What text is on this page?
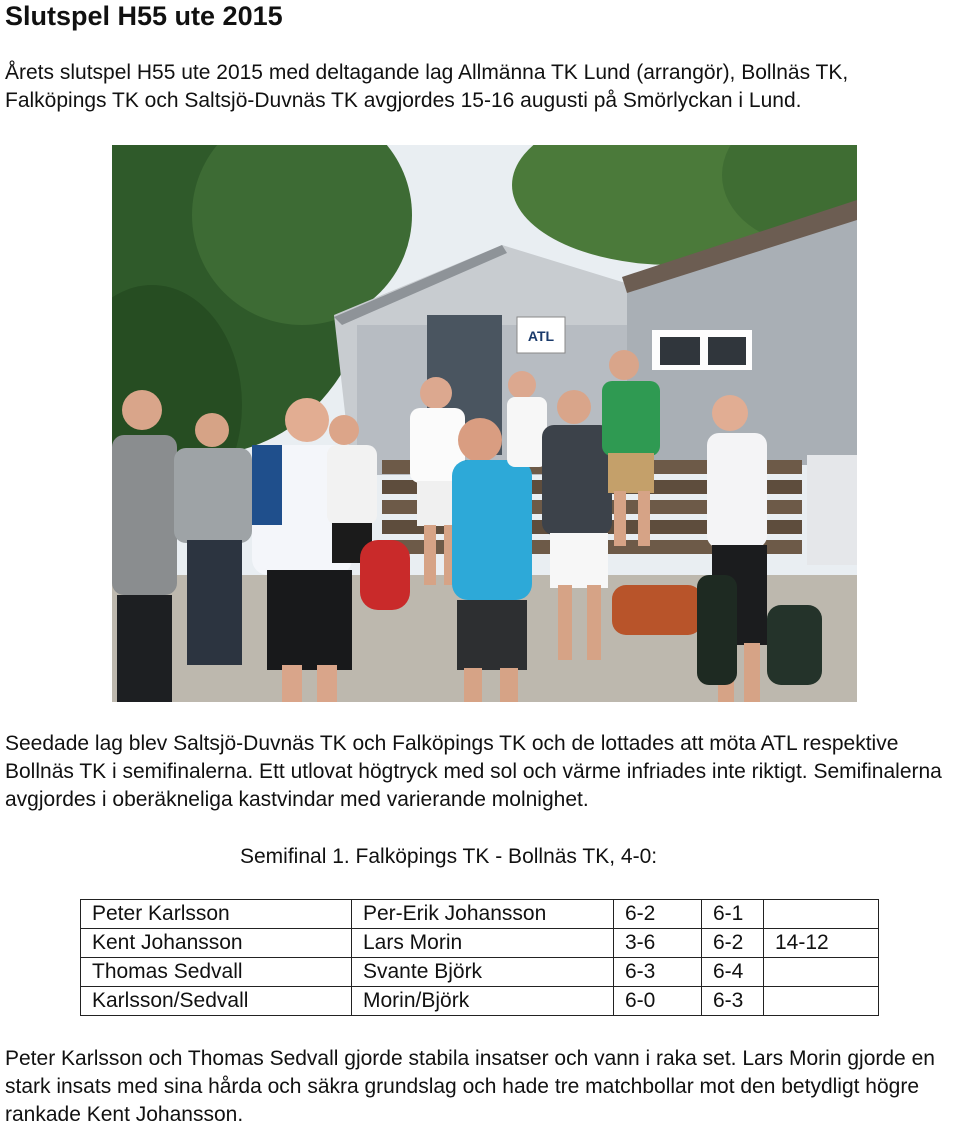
Slutspel H55 ute 2015

Årets slutspel H55 ute 2015 med deltagande lag Allmänna TK Lund (arrangör), Bollnäs TK, Falköpings TK och Saltsjö-Duvnäs TK avgjordes 15-16 augusti på Smörlyckan i Lund.

ATL

Seedade lag blev Saltsjö-Duvnäs TK och Falköpings TK och de lottades att möta ATL respektive Bollnäs TK i semifinalerna. Ett utlovat högtryck med sol och värme infriades inte riktigt. Semifinalerna avgjordes i oberäkneliga kastvindar med varierande molnighet.

Semifinal 1. Falköpings TK - Bollnäs TK, 4-0:

Peter Karlsson	Per-Erik Johansson	6-2	6-1	
Kent Johansson	Lars Morin	3-6	6-2	14-12
Thomas Sedvall	Svante Björk	6-3	6-4	
Karlsson/Sedvall	Morin/Björk	6-0	6-3	

Peter Karlsson och Thomas Sedvall gjorde stabila insatser och vann i raka set. Lars Morin gjorde en stark insats med sina hårda och säkra grundslag och hade tre matchbollar mot den betydligt högre rankade Kent Johansson.
